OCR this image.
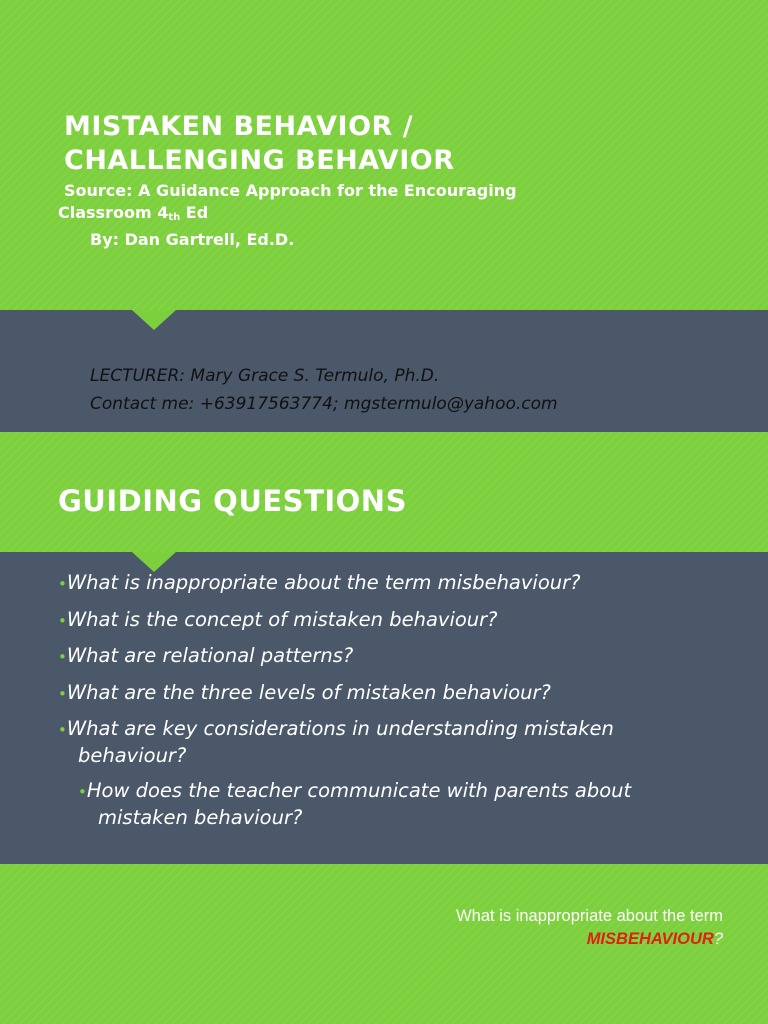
MISTAKEN BEHAVIOR /
CHALLENGING BEHAVIOR
Source: A Guidance Approach for the Encouraging
Classroom $4_{th}$ Ed
By: Dan Gartrell, Ed.D.
LECTURER: Mary Grace S. Termulo, Ph.D.
Contact me: +63917563774; mgstermulo@yahoo.com
GUIDING QUESTIONS
•What is inappropriate about the term misbehaviour?
•What is the concept of mistaken behaviour?
•What are relational patterns?
•What are the three levels of mistaken behaviour?
•What are key considerations in understanding mistaken
behaviour?
•How does the teacher communicate with parents about
mistaken behaviour?
What is inappropriate about the term
MISBEHAVIOUR?
